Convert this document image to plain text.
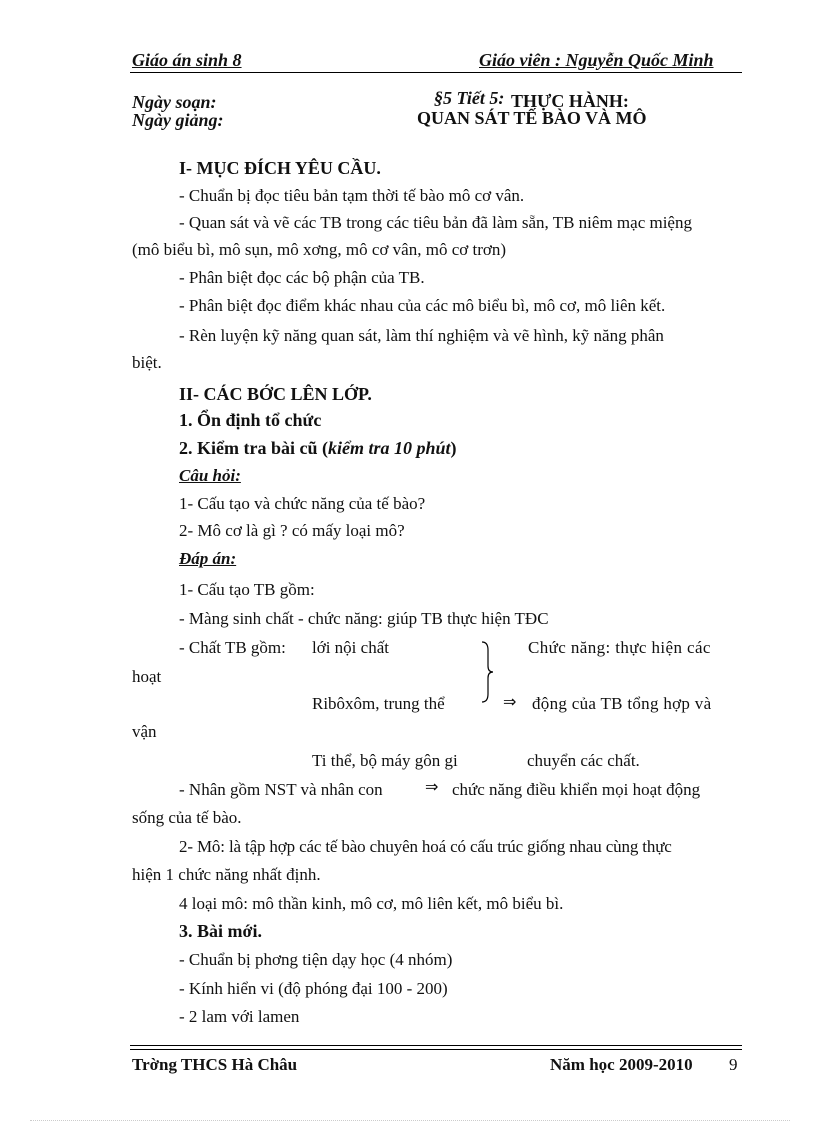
Giáo án sinh 8	Giáo viên : Nguyễn Quốc Minh
Ngày soạn:
Ngày giảng:
§5 Tiết 5: THỰC HÀNH:
QUAN SÁT TẾ BÀO VÀ MÔ
I- MỤC ĐÍCH YÊU CẦU.
- Chuẩn bị đọc tiêu bản tạm thời tế bào mô cơ vân.
- Quan sát và vẽ các TB trong các tiêu bản đã làm sẵn, TB niêm mạc miệng
(mô biểu bì, mô sụn, mô xơng, mô cơ vân, mô cơ trơn)
- Phân biệt đọc các bộ phận của TB.
- Phân biệt đọc điểm khác nhau của các mô biểu bì, mô cơ, mô liên kết.
- Rèn luyện kỹ năng quan sát, làm thí nghiệm và vẽ hình, kỹ năng phân
biệt.
II- CÁC BỚC LÊN LỚP.
1. Ổn định tổ chức
2. Kiểm tra bài cũ (kiểm tra 10 phút)
Câu hỏi:
1- Cấu tạo và chức năng của tế bào?
2- Mô cơ là gì ? có mấy loại mô?
Đáp án:
1- Cấu tạo TB gồm:
- Màng sinh chất - chức năng: giúp TB thực hiện TĐC
- Chất TB gồm: lới nội chất	Chức năng: thực hiện các
hoạt
Ribôxôm, trung thể	⇒ động của TB tổng hợp và
vận
Ti thể, bộ máy gôn gi	chuyển các chất.
- Nhân gồm NST và nhân con	⇒ chức năng điều khiển mọi hoạt động
sống của tế bào.
2- Mô: là tập hợp các tế bào chuyên hoá có cấu trúc giống nhau cùng thực
hiện 1 chức năng nhất định.
4 loại mô: mô thần kinh, mô cơ, mô liên kết, mô biểu bì.
3. Bài mới.
- Chuẩn bị phơng tiện dạy học (4 nhóm)
- Kính hiển vi (độ phóng đại 100 - 200)
- 2 lam với lamen
Trờng THCS Hà Châu	Năm học 2009-2010 9
